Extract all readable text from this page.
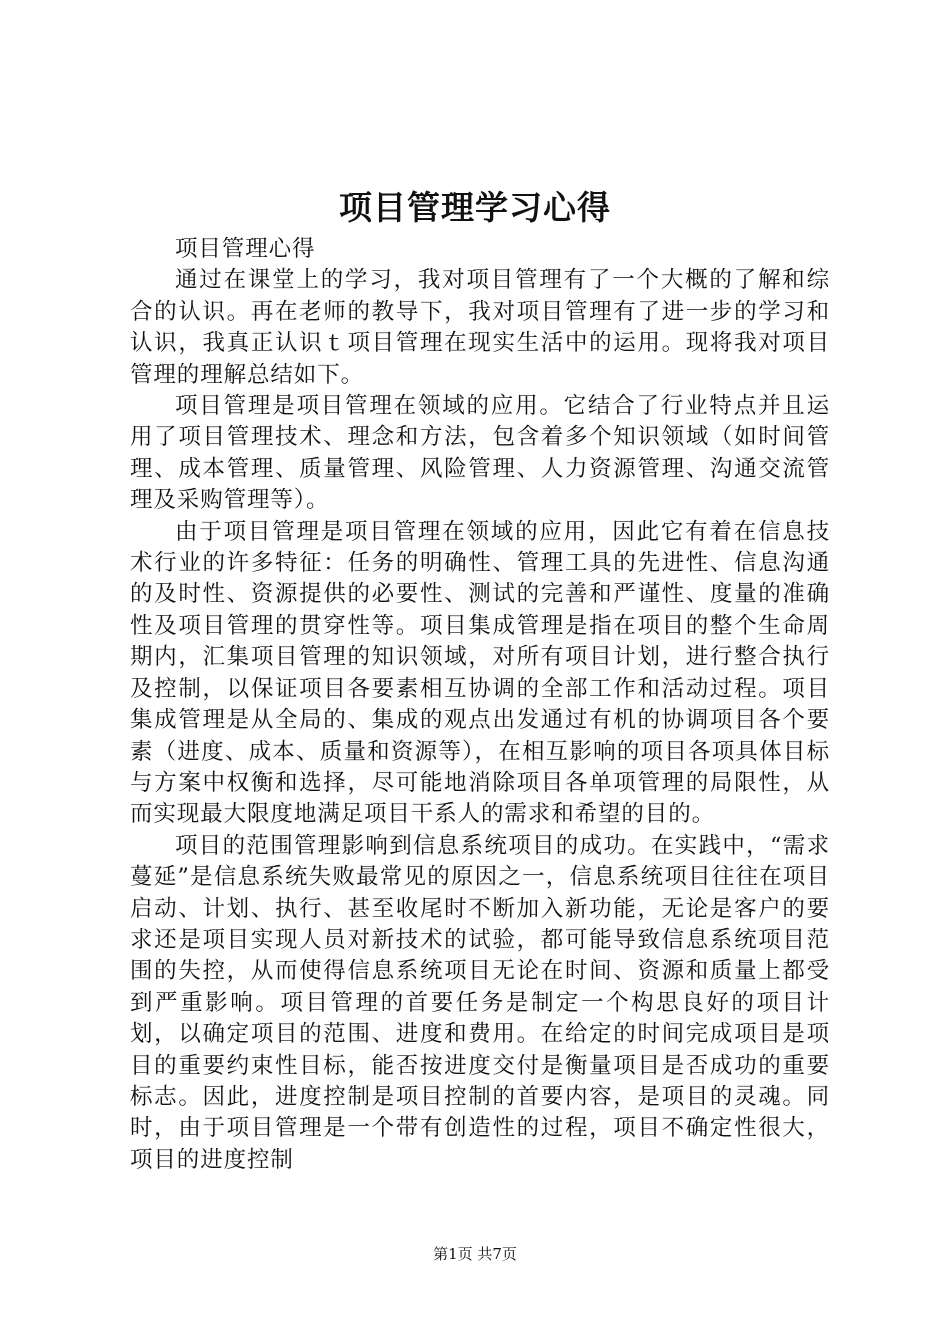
项目管理学习心得

项目管理心得

通过在课堂上的学习，我对项目管理有了一个大概的了解和综合的认识。再在老师的教导下，我对项目管理有了进一步的学习和认识，我真正认识ｔ项目管理在现实生活中的运用。现将我对项目管理的理解总结如下。

项目管理是项目管理在领域的应用。它结合了行业特点并且运用了项目管理技术、理念和方法，包含着多个知识领域（如时间管理、成本管理、质量管理、风险管理、人力资源管理、沟通交流管理及采购管理等）。

由于项目管理是项目管理在领域的应用，因此它有着在信息技术行业的许多特征：任务的明确性、管理工具的先进性、信息沟通的及时性、资源提供的必要性、测试的完善和严谨性、度量的准确性及项目管理的贯穿性等。项目集成管理是指在项目的整个生命周期内，汇集项目管理的知识领域，对所有项目计划，进行整合执行及控制，以保证项目各要素相互协调的全部工作和活动过程。项目集成管理是从全局的、集成的观点出发通过有机的协调项目各个要素（进度、成本、质量和资源等），在相互影响的项目各项具体目标与方案中权衡和选择，尽可能地消除项目各单项管理的局限性，从而实现最大限度地满足项目干系人的需求和希望的目的。

项目的范围管理影响到信息系统项目的成功。在实践中，“需求蔓延”是信息系统失败最常见的原因之一，信息系统项目往往在项目启动、计划、执行、甚至收尾时不断加入新功能，无论是客户的要求还是项目实现人员对新技术的试验，都可能导致信息系统项目范围的失控，从而使得信息系统项目无论在时间、资源和质量上都受到严重影响。项目管理的首要任务是制定一个构思良好的项目计划，以确定项目的范围、进度和费用。在给定的时间完成项目是项目的重要约束性目标，能否按进度交付是衡量项目是否成功的重要标志。因此，进度控制是项目控制的首要内容，是项目的灵魂。同时，由于项目管理是一个带有创造性的过程，项目不确定性很大，项目的进度控制

第1页 共7页
